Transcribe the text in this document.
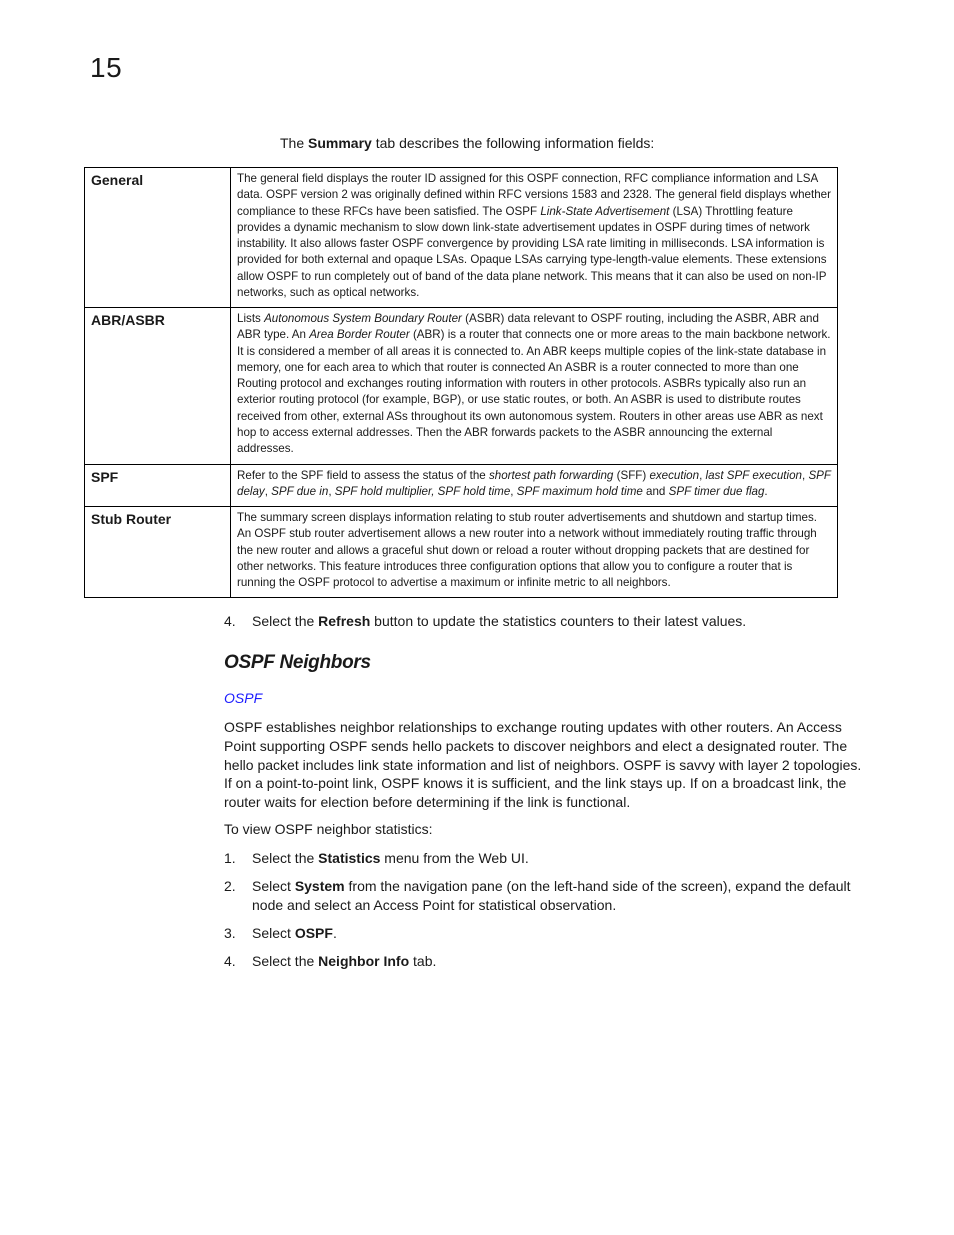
15
The Summary tab describes the following information fields:
General	The general field displays the router ID assigned for this OSPF connection, RFC compliance information and LSA data. OSPF version 2 was originally defined within RFC versions 1583 and 2328. The general field displays whether compliance to these RFCs have been satisfied. The OSPF Link-State Advertisement (LSA) Throttling feature provides a dynamic mechanism to slow down link-state advertisement updates in OSPF during times of network instability. It also allows faster OSPF convergence by providing LSA rate limiting in milliseconds. LSA information is provided for both external and opaque LSAs. Opaque LSAs carrying type-length-value elements. These extensions allow OSPF to run completely out of band of the data plane network. This means that it can also be used on non-IP networks, such as optical networks.
ABR/ASBR	Lists Autonomous System Boundary Router (ASBR) data relevant to OSPF routing, including the ASBR, ABR and ABR type. An Area Border Router (ABR) is a router that connects one or more areas to the main backbone network. It is considered a member of all areas it is connected to. An ABR keeps multiple copies of the link-state database in memory, one for each area to which that router is connected An ASBR is a router connected to more than one Routing protocol and exchanges routing information with routers in other protocols. ASBRs typically also run an exterior routing protocol (for example, BGP), or use static routes, or both. An ASBR is used to distribute routes received from other, external ASs throughout its own autonomous system. Routers in other areas use ABR as next hop to access external addresses. Then the ABR forwards packets to the ASBR announcing the external addresses.
SPF	Refer to the SPF field to assess the status of the shortest path forwarding (SFF) execution, last SPF execution, SPF delay, SPF due in, SPF hold multiplier, SPF hold time, SPF maximum hold time and SPF timer due flag.
Stub Router	The summary screen displays information relating to stub router advertisements and shutdown and startup times. An OSPF stub router advertisement allows a new router into a network without immediately routing traffic through the new router and allows a graceful shut down or reload a router without dropping packets that are destined for other networks. This feature introduces three configuration options that allow you to configure a router that is running the OSPF protocol to advertise a maximum or infinite metric to all neighbors.
4. Select the Refresh button to update the statistics counters to their latest values.
OSPF Neighbors
OSPF
OSPF establishes neighbor relationships to exchange routing updates with other routers. An Access Point supporting OSPF sends hello packets to discover neighbors and elect a designated router. The hello packet includes link state information and list of neighbors. OSPF is savvy with layer 2 topologies. If on a point-to-point link, OSPF knows it is sufficient, and the link stays up. If on a broadcast link, the router waits for election before determining if the link is functional.
To view OSPF neighbor statistics:
1. Select the Statistics menu from the Web UI.
2. Select System from the navigation pane (on the left-hand side of the screen), expand the default node and select an Access Point for statistical observation.
3. Select OSPF.
4. Select the Neighbor Info tab.
